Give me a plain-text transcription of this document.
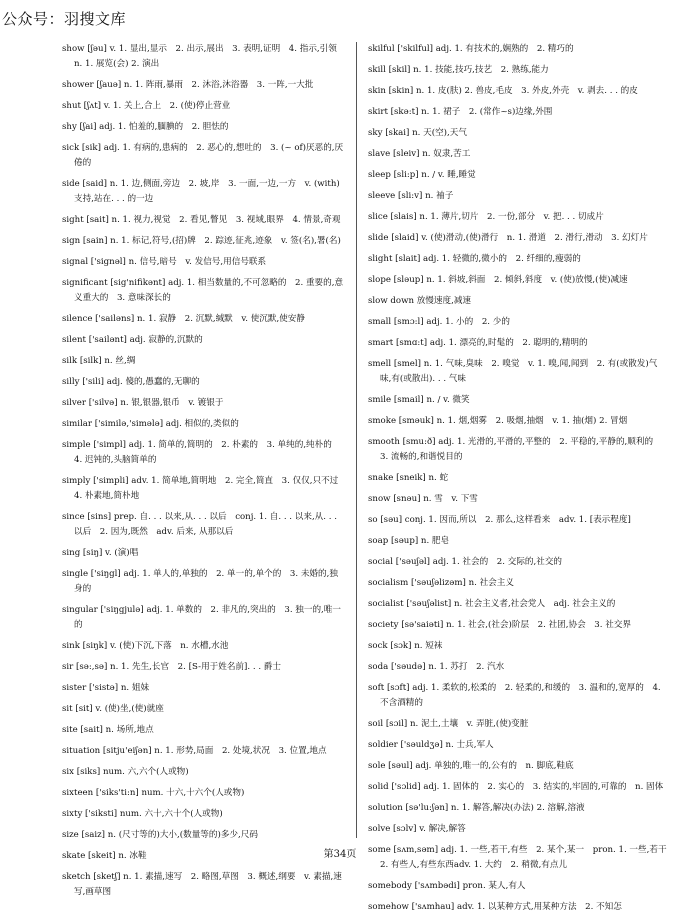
公众号：羽搜文库
show [ʃəu] v. 1. 显出,显示　2. 出示,展出　3. 表明,证明　4. 指示,引领　n. 1. 展览(会) 2. 演出
shower [ʃauə] n. 1. 阵雨,暴雨　2. 沐浴,沐浴器　3. 一阵,一大批
shut [ʃʌt] v. 1. 关上,合上　2. (使)停止营业
shy [ʃai] adj. 1. 怕羞的,腼腆的　2. 胆怯的
sick [sik] adj. 1. 有病的,患病的　2. 恶心的,想吐的　3. (~ of)厌恶的,厌倦的
side [said] n. 1. 边,侧面,旁边　2. 坡,岸　3. 一面,一边,一方　v. (with)支持,站在. . . 的一边
sight [sait] n. 1. 视力,视觉　2. 看见,瞥见　3. 视域,眼界　4. 情景,奇观
sign [sain] n. 1. 标记,符号,(招)牌　2. 踪迹,征兆,迹象　v. 签(名),署(名)
signal ['signəl] n. 信号,暗号　v. 发信号,用信号联系
significant [sig'nifikənt] adj. 1. 相当数量的,不可忽略的　2. 重要的,意义重大的　3. 意味深长的
silence ['sailəns] n. 1. 寂静　2. 沉默,缄默　v. 使沉默,使安静
silent ['sailənt] adj. 寂静的,沉默的
silk [silk] n. 丝,绸
silly ['sili] adj. 傻的,愚蠢的,无聊的
silver ['silvə] n. 银,银器,银币　v. 镀银于
similar ['similə,'simələ] adj. 相似的,类似的
simple ['simpl] adj. 1. 简单的,简明的　2. 朴素的　3. 单纯的,纯朴的　4. 迟钝的,头脑简单的
simply ['simpli] adv. 1. 简单地,简明地　2. 完全,简直　3. 仅仅,只不过　4. 朴素地,简朴地
since [sins] prep. 自. . . 以来,从. . . 以后　conj. 1. 自. . . 以来,从. . . 以后　2. 因为,既然　adv. 后来, 从那以后
sing [siŋ] v. (演)唱
single ['siŋgl] adj. 1. 单人的,单独的　2. 单一的,单个的　3. 未婚的,独身的
singular ['siŋgjulə] adj. 1. 单数的　2. 非凡的,突出的　3. 独一的,唯一的
sink [siŋk] v. (使)下沉,下落　n. 水槽,水池
sir [sə:,sə] n. 1. 先生,长官　2. [S-用于姓名前]. . . 爵士
sister ['sistə] n. 姐妹
sit [sit] v. (使)坐,(使)就座
site [sait] n. 场所,地点
situation [sitju'eiʃən] n. 1. 形势,局面　2. 处境,状况　3. 位置,地点
six [siks] num. 六,六个(人或物)
sixteen ['siks'ti:n] num. 十六,十六个(人或物)
sixty ['siksti] num. 六十,六十个(人或物)
size [saiz] n. (尺寸等的)大小,(数量等的)多少,尺码
skate [skeit] n. 冰鞋
sketch [sketʃ] n. 1. 素描,速写　2. 略图,草图　3. 概述,纲要　v. 素描,速写,画草图
skilful ['skilful] adj. 1. 有技术的,娴熟的　2. 精巧的
skill [skil] n. 1. 技能,技巧,技艺　2. 熟练,能力
skin [skin] n. 1. 皮(肤) 2. 兽皮,毛皮　3. 外皮,外壳　v. 剥去. . . 的皮
skirt [skə:t] n. 1. 裙子　2. (常作~s)边缘,外围
sky [skai] n. 天(空),天气
slave [sleiv] n. 奴隶,苦工
sleep [sli:p] n. / v. 睡,睡觉
sleeve [sli:v] n. 袖子
slice [slais] n. 1. 薄片,切片　2. 一份,部分　v. 把. . . 切成片
slide [slaid] v. (使)滑动,(使)滑行　n. 1. 滑道　2. 滑行,滑动　3. 幻灯片
slight [slait] adj. 1. 轻微的,微小的　2. 纤细的,瘦弱的
slope [sləup] n. 1. 斜坡,斜面　2. 倾斜,斜度　v. (使)放慢,(使)减速
slow down 放慢速度,减速
small [smɔ:l] adj. 1. 小的　2. 少的
smart [smɑ:t] adj. 1. 漂亮的,时髦的　2. 聪明的,精明的
smell [smel] n. 1. 气味,臭味　2. 嗅觉　v. 1. 嗅,闻,闻到　2. 有(或散发)气味,有(或散出). . . 气味
smile [smail] n. / v. 微笑
smoke [sməuk] n. 1. 烟,烟雾　2. 吸烟,抽烟　v. 1. 抽(烟) 2. 冒烟
smooth [smu:ð] adj. 1. 光滑的,平滑的,平整的　2. 平稳的,平静的,顺利的　3. 流畅的,和谐悦目的
snake [sneik] n. 蛇
snow [snəu] n. 雪　v. 下雪
so [səu] conj. 1. 因而,所以　2. 那么,这样看来　adv. 1. [表示程度]
soap [səup] n. 肥皂
social ['səuʃəl] adj. 1. 社会的　2. 交际的,社交的
socialism ['səuʃəlizəm] n. 社会主义
socialist ['səuʃəlist] n. 社会主义者,社会党人　adj. 社会主义的
society [sə'saiəti] n. 1. 社会,(社会)阶层　2. 社团,协会　3. 社交界
sock [sɔk] n. 短袜
soda ['səudə] n. 1. 苏打　2. 汽水
soft [sɔft] adj. 1. 柔软的,松柔的　2. 轻柔的,和缓的　3. 温和的,宽厚的　4. 不含酒精的
soil [sɔil] n. 泥土,土壤　v. 弄脏,(使)变脏
soldier ['səuldʒə] n. 士兵,军人
sole [səul] adj. 单独的,唯一的,公有的　n. 脚底,鞋底
solid ['sɔlid] adj. 1. 固体的　2. 实心的　3. 结实的,牢固的,可靠的　n. 固体
solution [sə'lu:ʃən] n. 1. 解答,解决(办法) 2. 溶解,溶液
solve [sɔlv] v. 解决,解答
some [sʌm,səm] adj. 1. 一些,若干,有些　2. 某个,某一　pron. 1. 一些,若干　2. 有些人,有些东西adv. 1. 大约　2. 稍微,有点儿
somebody ['sʌmbədi] pron. 某人,有人
somehow ['sʌmhau] adv. 1. 以某种方式,用某种方法　2. 不知怎
第34页
